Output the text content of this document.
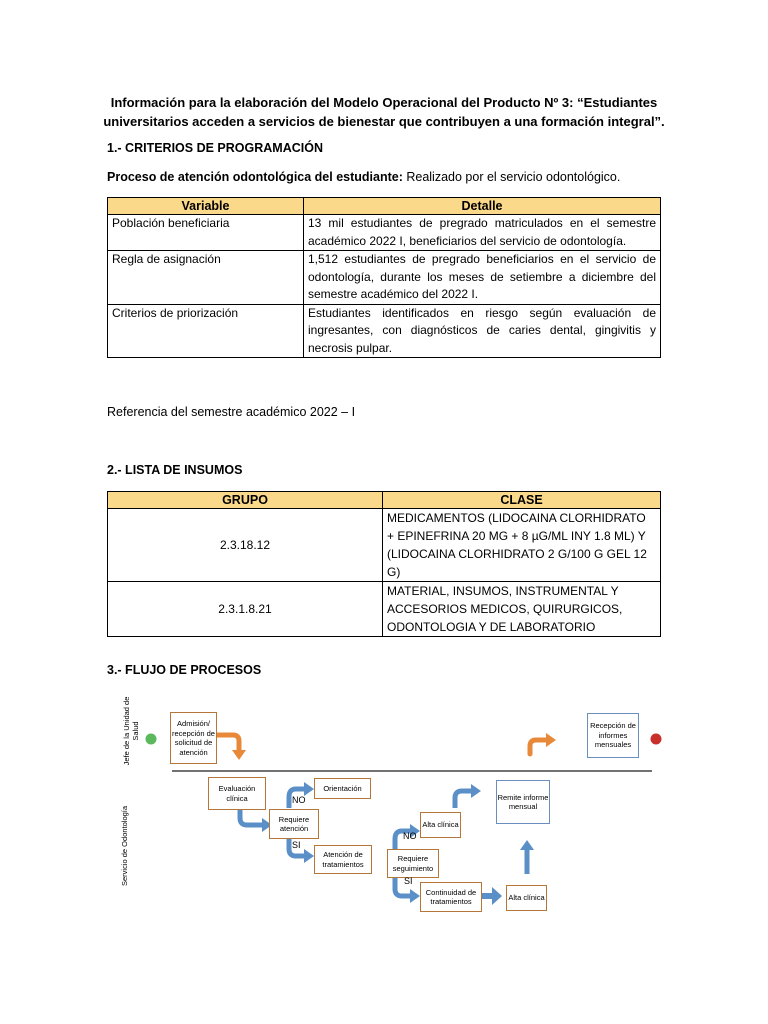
Información para la elaboración del Modelo Operacional del Producto Nº 3: “Estudiantes universitarios acceden a servicios de bienestar que contribuyen a una formación integral”.
1.- CRITERIOS DE PROGRAMACIÓN
Proceso de atención odontológica del estudiante: Realizado por el servicio odontológico.
Variable	Detalle
Población beneficiaria	13 mil estudiantes de pregrado matriculados en el semestre académico 2022 I, beneficiarios del servicio de odontología.
Regla de asignación	1,512 estudiantes de pregrado beneficiarios en el servicio de odontología, durante los meses de setiembre a diciembre del semestre académico del 2022 I.
Criterios de priorización	Estudiantes identificados en riesgo según evaluación de ingresantes, con diagnósticos de caries dental, gingivitis y necrosis pulpar.
Referencia del semestre académico 2022 – I
2.- LISTA DE INSUMOS
GRUPO	CLASE
2.3.18.12	MEDICAMENTOS (LIDOCAINA CLORHIDRATO + EPINEFRINA 20 MG + 8 µG/ML INY 1.8 ML) Y (LIDOCAINA CLORHIDRATO 2 G/100 G GEL 12 G)
2.3.1.8.21	MATERIAL, INSUMOS, INSTRUMENTAL Y ACCESORIOS MEDICOS, QUIRURGICOS, ODONTOLOGIA Y DE LABORATORIO
3.- FLUJO DE PROCESOS
Jefe de la Unidad de Salud
Servicio de Odontología
Admisión/ recepción de solicitud de atención
Recepción de informes mensuales
Evaluación clínica
Orientación
Requiere atención
Atención de tratamientos
Alta clínica
Remite informe mensual
Requiere seguimiento
Continuidad de tratamientos	Alta clínica
NO
SI
NO
SI
